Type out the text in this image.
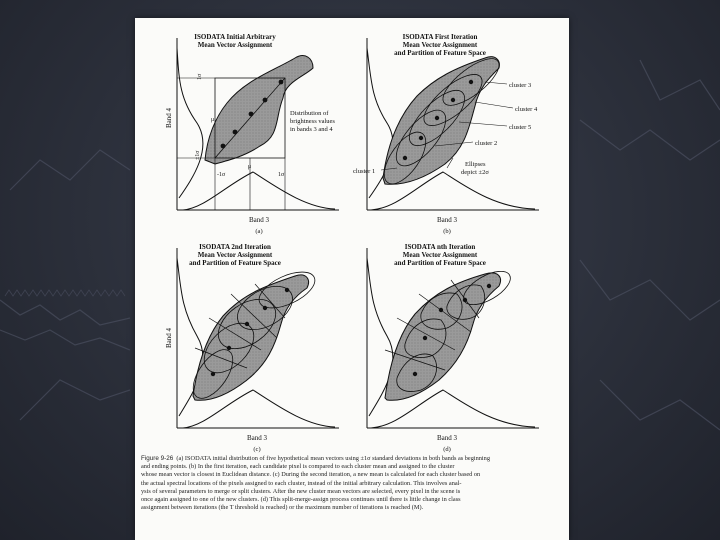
ISODATA Initial Arbitrary
Mean Vector Assignment
Band 4	μ
1σ
±1σ
μ
-1σ	1σ
Distribution of
brightness values
in bands 3 and 4
Band 3
(a)
ISODATA First Iteration
Mean Vector Assignment
and Partition of Feature Space
cluster 3
cluster 4
cluster 5
cluster 2
cluster 1
Ellipses
depict ±2σ
Band 3
(b)
ISODATA 2nd Iteration
Mean Vector Assignment
and Partition of Feature Space
Band 4
Band 3
(c)
ISODATA nth Iteration
Mean Vector Assignment
and Partition of Feature Space
Band 3
(d)
Figure 9-26 (a) ISODATA initial distribution of five hypothetical mean vectors using ±1σ standard deviations in both bands as beginning
and ending points. (b) In the first iteration, each candidate pixel is compared to each cluster mean and assigned to the cluster
whose mean vector is closest in Euclidean distance. (c) During the second iteration, a new mean is calculated for each cluster based on
the actual spectral locations of the pixels assigned to each cluster, instead of the initial arbitrary calculation. This involves anal-
ysis of several parameters to merge or split clusters. After the new cluster mean vectors are selected, every pixel in the scene is
once again assigned to one of the new clusters. (d) This split-merge-assign process continues until there is little change in class
assignment between iterations (the T threshold is reached) or the maximum number of iterations is reached (M).
